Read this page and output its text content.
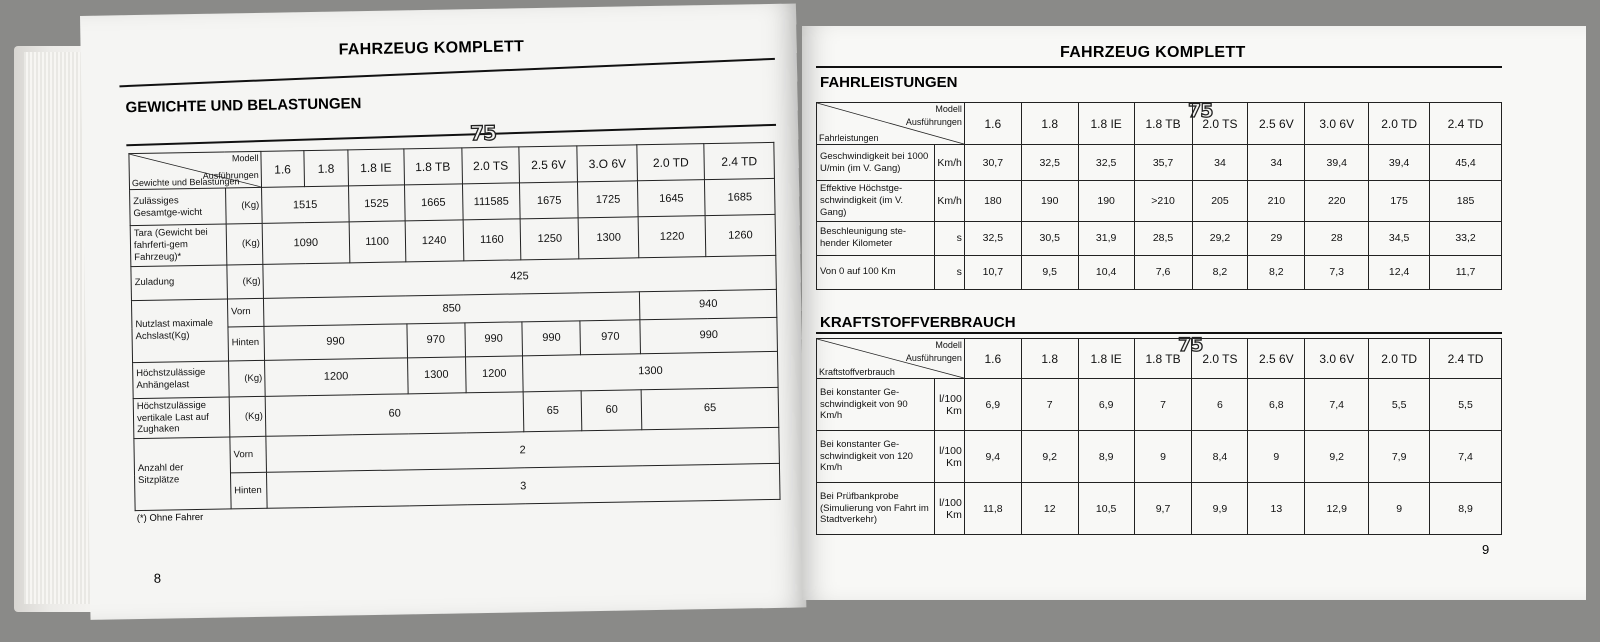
FAHRZEUG KOMPLETT
GEWICHTE UND BELASTUNGEN
75
Modell
Ausführungen
Gewichte und Belastungen		1.6	1.8	1.8 IE	1.8 TB	2.0 TS	2.5 6V	3.O 6V	2.0 TD	2.4 TD
Zulässiges Gesamtge-wicht	(Kg)	1515		1525	1665	111585	1675	1725	1645	1685
Tara (Gewicht bei fahrferti-gem Fahrzeug)*	(Kg)	1090		1100	1240	1160	1250	1300	1220	1260
Zuladung	(Kg)	425								
Nutzlast maximale Achslast(Kg)	Vorn	850							940	
	Hinten	990			970	990	990	970	990	
Höchstzulässige Anhängelast	(Kg)	1200			1300	1200	1300			
Höchstzulässige vertikale Last auf Zughaken	(Kg)	60					65	60	65	
Anzahl der Sitzplätze	Vorn	2								
	Hinten	3								
(*) Ohne Fahrer
8
FAHRZEUG KOMPLETT
FAHRLEISTUNGEN
75
Modell
Ausführungen
Fahrleistungen		1.6	1.8	1.8 IE	1.8 TB	2.0 TS	2.5 6V	3.0 6V	2.0 TD	2.4 TD
Geschwindigkeit bei 1000 U/min (im V. Gang)	Km/h	30,7	32,5	32,5	35,7	34	34	39,4	39,4	45,4
Effektive Höchstge-schwindigkeit (im V. Gang)	Km/h	180	190	190	>210	205	210	220	175	185
Beschleunigung ste-hender Kilometer	s	32,5	30,5	31,9	28,5	29,2	29	28	34,5	33,2
Von 0 auf 100 Km	s	10,7	9,5	10,4	7,6	8,2	8,2	7,3	12,4	11,7
KRAFTSTOFFVERBRAUCH
75
Modell
Ausführungen
Kraftstoffverbrauch		1.6	1.8	1.8 IE	1.8 TB	2.0 TS	2.5 6V	3.0 6V	2.0 TD	2.4 TD
Bei konstanter Ge-schwindigkeit von 90 Km/h	l/100 Km	6,9	7	6,9	7	6	6,8	7,4	5,5	5,5
Bei konstanter Ge-schwindigkeit von 120 Km/h	l/100 Km	9,4	9,2	8,9	9	8,4	9	9,2	7,9	7,4
Bei Prüfbankprobe (Simulierung von Fahrt im Stadtverkehr)	l/100 Km	11,8	12	10,5	9,7	9,9	13	12,9	9	8,9
9
